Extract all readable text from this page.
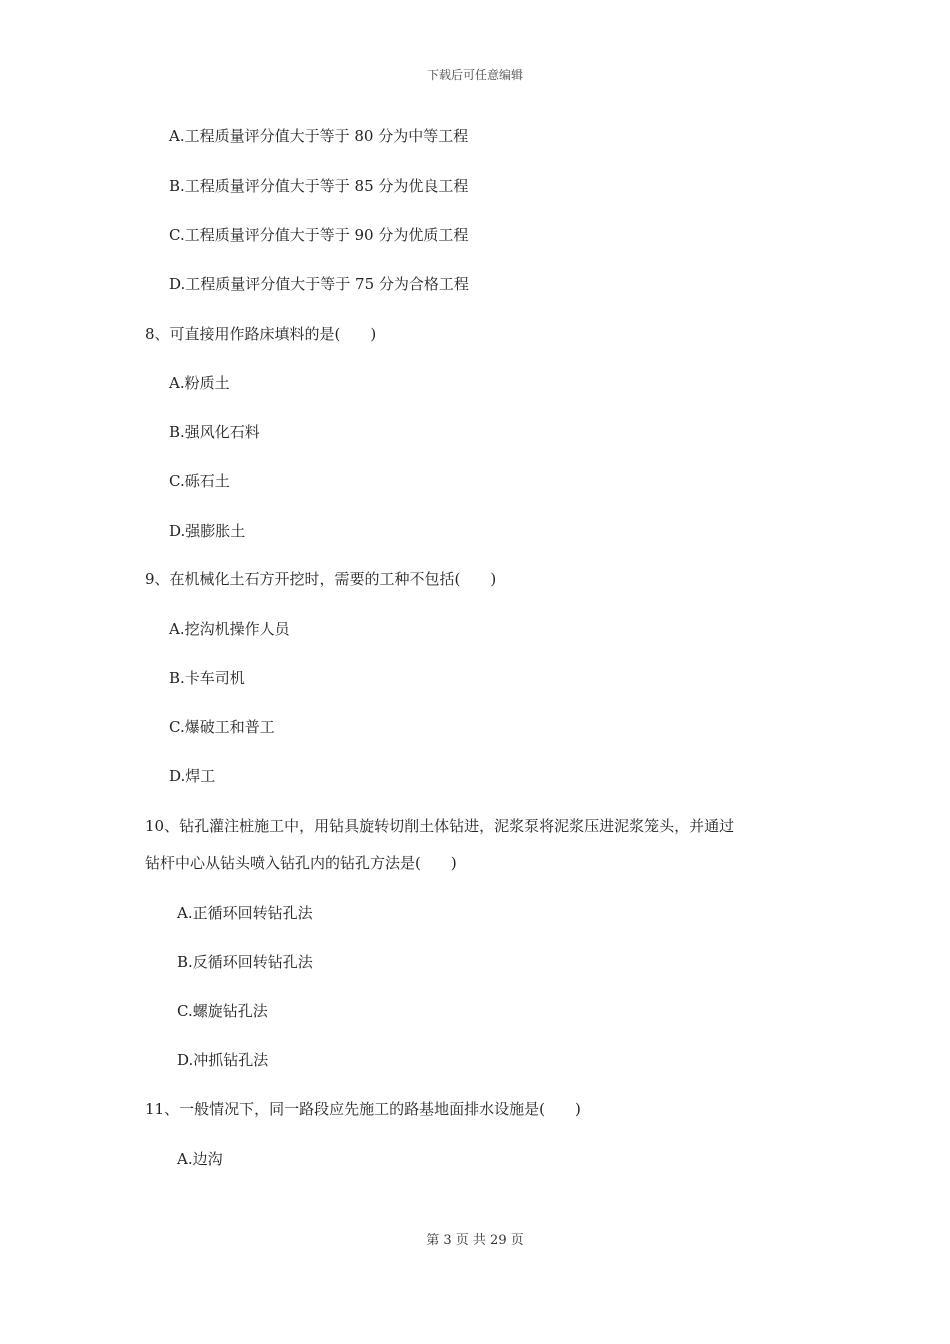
下载后可任意编辑
A.工程质量评分值大于等于 80 分为中等工程
B.工程质量评分值大于等于 85 分为优良工程
C.工程质量评分值大于等于 90 分为优质工程
D.工程质量评分值大于等于 75 分为合格工程
8、可直接用作路床填料的是(　　)
A.粉质土
B.强风化石料
C.砾石土
D.强膨胀土
9、在机械化土石方开挖时，需要的工种不包括(　　)
A.挖沟机操作人员
B.卡车司机
C.爆破工和普工
D.焊工
10、钻孔灌注桩施工中，用钻具旋转切削土体钻进，泥浆泵将泥浆压进泥浆笼头，并通过
钻杆中心从钻头喷入钻孔内的钻孔方法是(　　)
A.正循环回转钻孔法
B.反循环回转钻孔法
C.螺旋钻孔法
D.冲抓钻孔法
11、一般情况下，同一路段应先施工的路基地面排水设施是(　　)
A.边沟
第 3 页 共 29 页
